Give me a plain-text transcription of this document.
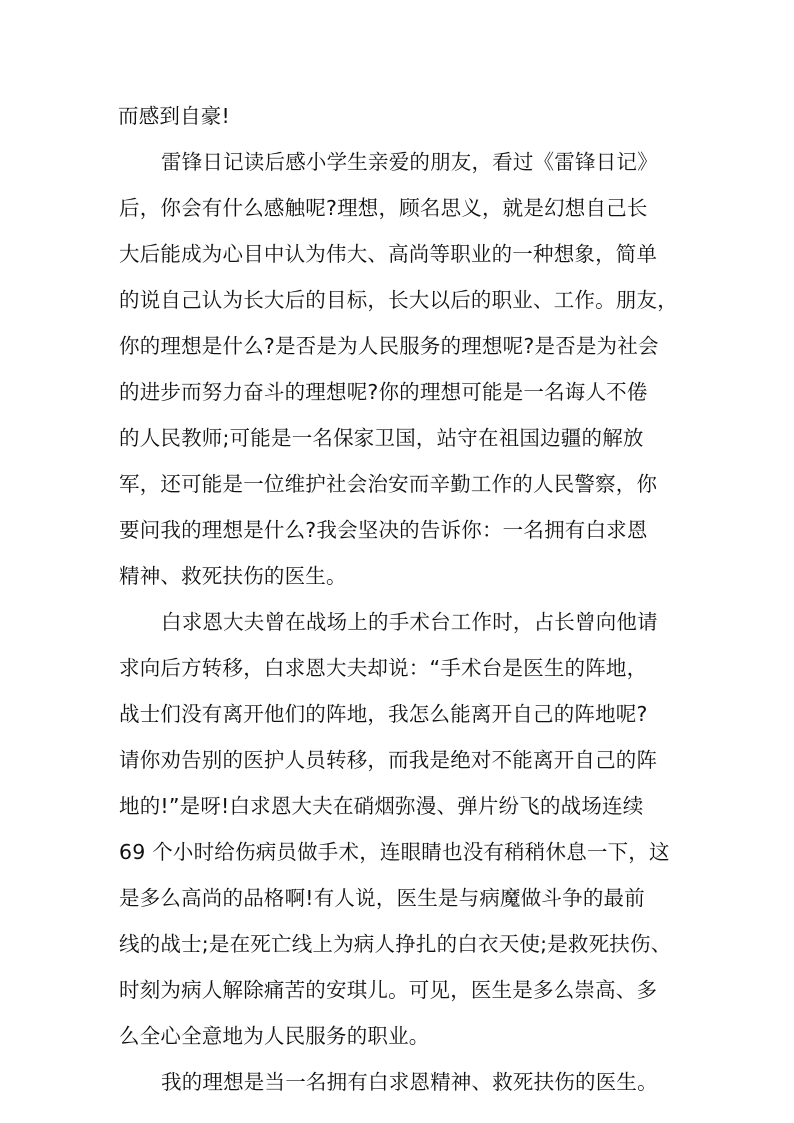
而感到自豪!
雷锋日记读后感小学生亲爱的朋友，看过《雷锋日记》
后，你会有什么感触呢?理想，顾名思义，就是幻想自己长
大后能成为心目中认为伟大、高尚等职业的一种想象，简单
的说自己认为长大后的目标，长大以后的职业、工作。朋友，
你的理想是什么?是否是为人民服务的理想呢?是否是为社会
的进步而努力奋斗的理想呢?你的理想可能是一名诲人不倦
的人民教师;可能是一名保家卫国，站守在祖国边疆的解放
军，还可能是一位维护社会治安而辛勤工作的人民警察，你
要问我的理想是什么?我会坚决的告诉你：一名拥有白求恩
精神、救死扶伤的医生。
白求恩大夫曾在战场上的手术台工作时，占长曾向他请
求向后方转移，白求恩大夫却说：“手术台是医生的阵地，
战士们没有离开他们的阵地，我怎么能离开自己的阵地呢?
请你劝告别的医护人员转移，而我是绝对不能离开自己的阵
地的!”是呀!白求恩大夫在硝烟弥漫、弹片纷飞的战场连续
69 个小时给伤病员做手术，连眼睛也没有稍稍休息一下，这
是多么高尚的品格啊!有人说，医生是与病魔做斗争的最前
线的战士;是在死亡线上为病人挣扎的白衣天使;是救死扶伤、
时刻为病人解除痛苦的安琪儿。可见，医生是多么崇高、多
么全心全意地为人民服务的职业。
我的理想是当一名拥有白求恩精神、救死扶伤的医生。
